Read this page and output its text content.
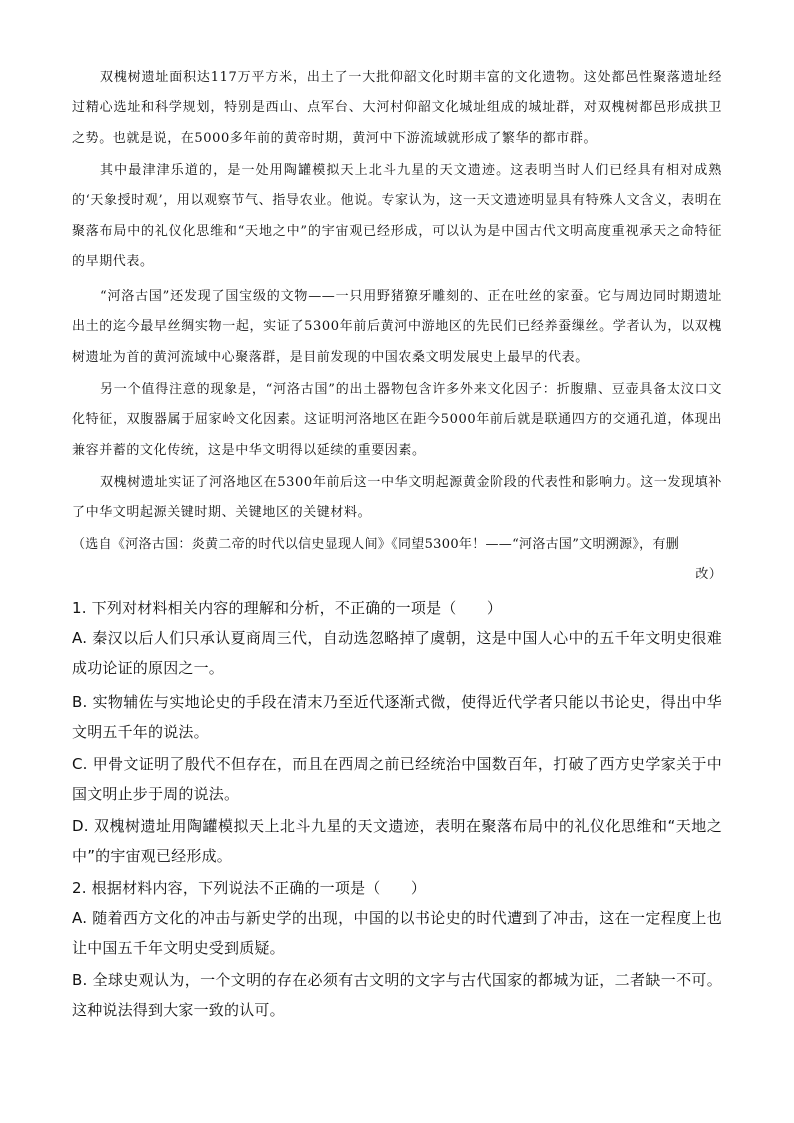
双槐树遗址面积达117万平方米，出土了一大批仰韶文化时期丰富的文化遗物。这处都邑性聚落遗址经过精心选址和科学规划，特别是西山、点军台、大河村仰韶文化城址组成的城址群，对双槐树都邑形成拱卫之势。也就是说，在5000多年前的黄帝时期，黄河中下游流域就形成了繁华的都市群。

其中最津津乐道的，是一处用陶罐模拟天上北斗九星的天文遗迹。这表明当时人们已经具有相对成熟的‘天象授时观’，用以观察节气、指导农业。他说。专家认为，这一天文遗迹明显具有特殊人文含义，表明在聚落布局中的礼仪化思维和“天地之中”的宇宙观已经形成，可以认为是中国古代文明高度重视承天之命特征的早期代表。

“河洛古国”还发现了国宝级的文物——一只用野猪獠牙雕刻的、正在吐丝的家蚕。它与周边同时期遗址出土的迄今最早丝绸实物一起，实证了5300年前后黄河中游地区的先民们已经养蚕缫丝。学者认为，以双槐树遗址为首的黄河流域中心聚落群，是目前发现的中国农桑文明发展史上最早的代表。

另一个值得注意的现象是，“河洛古国”的出土器物包含许多外来文化因子：折腹鼎、豆壶具备太汶口文化特征，双腹器属于屈家岭文化因素。这证明河洛地区在距今5000年前后就是联通四方的交通孔道，体现出兼容并蓄的文化传统，这是中华文明得以延续的重要因素。

双槐树遗址实证了河洛地区在5300年前后这一中华文明起源黄金阶段的代表性和影响力。这一发现填补了中华文明起源关键时期、关键地区的关键材料。

（选自《河洛古国：炎黄二帝的时代以信史显现人间》《同望5300年！——“河洛古国”文明溯源》，有删
改）

1. 下列对材料相关内容的理解和分析，不正确的一项是（　　）

A. 秦汉以后人们只承认夏商周三代，自动选忽略掉了虞朝，这是中国人心中的五千年文明史很难成功论证的原因之一。

B. 实物辅佐与实地论史的手段在清末乃至近代逐渐式微，使得近代学者只能以书论史，得出中华文明五千年的说法。

C. 甲骨文证明了殷代不但存在，而且在西周之前已经统治中国数百年，打破了西方史学家关于中国文明止步于周的说法。

D. 双槐树遗址用陶罐模拟天上北斗九星的天文遗迹，表明在聚落布局中的礼仪化思维和“天地之中”的宇宙观已经形成。

2. 根据材料内容，下列说法不正确的一项是（　　）

A. 随着西方文化的冲击与新史学的出现，中国的以书论史的时代遭到了冲击，这在一定程度上也让中国五千年文明史受到质疑。

B. 全球史观认为，一个文明的存在必须有古文明的文字与古代国家的都城为证，二者缺一不可。这种说法得到大家一致的认可。
